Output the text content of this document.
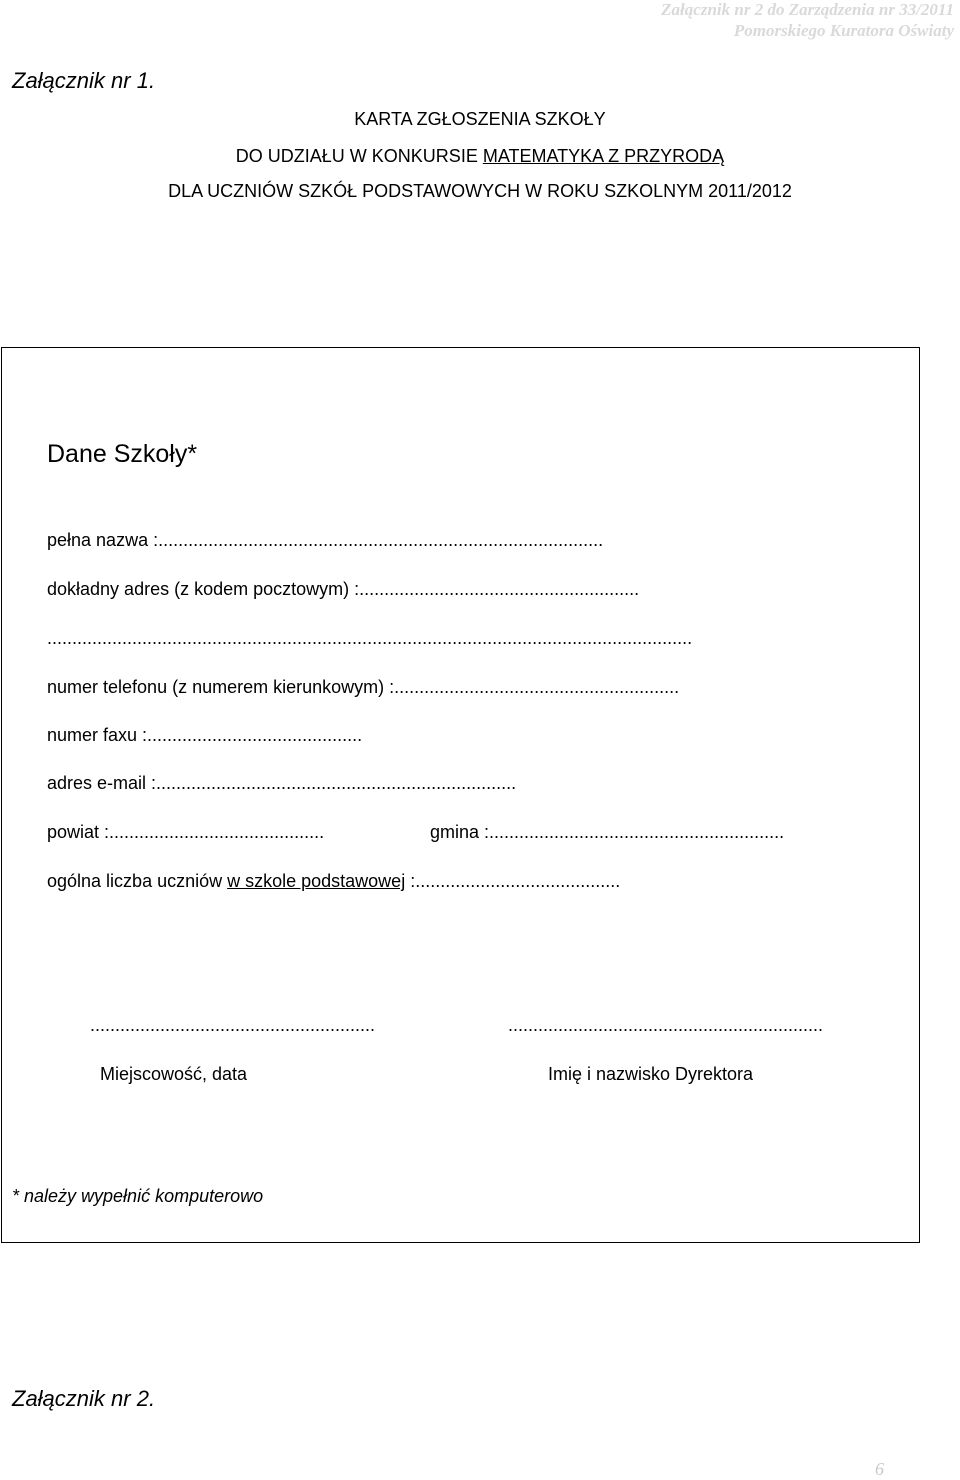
Załącznik nr 2 do Zarządzenia nr 33/2011
Pomorskiego Kuratora Oświaty
Załącznik nr 1.
KARTA ZGŁOSZENIA SZKOŁY
DO UDZIAŁU W KONKURSIE MATEMATYKA Z PRZYRODĄ
DLA UCZNIÓW SZKÓŁ PODSTAWOWYCH W ROKU SZKOLNYM 2011/2012
Dane Szkoły*
pełna nazwa :.........................................................................................
dokładny adres (z kodem pocztowym) :........................................................
.................................................................................................................................
numer telefonu (z numerem kierunkowym) :.........................................................
numer faxu :...........................................
adres e-mail :........................................................................
powiat :...........................................	gmina :...........................................................
ogólna liczba uczniów w szkole podstawowej :.........................................
.........................................................	...............................................................
Miejscowość, data	Imię i nazwisko Dyrektora
* należy wypełnić komputerowo
Załącznik nr 2.
6
